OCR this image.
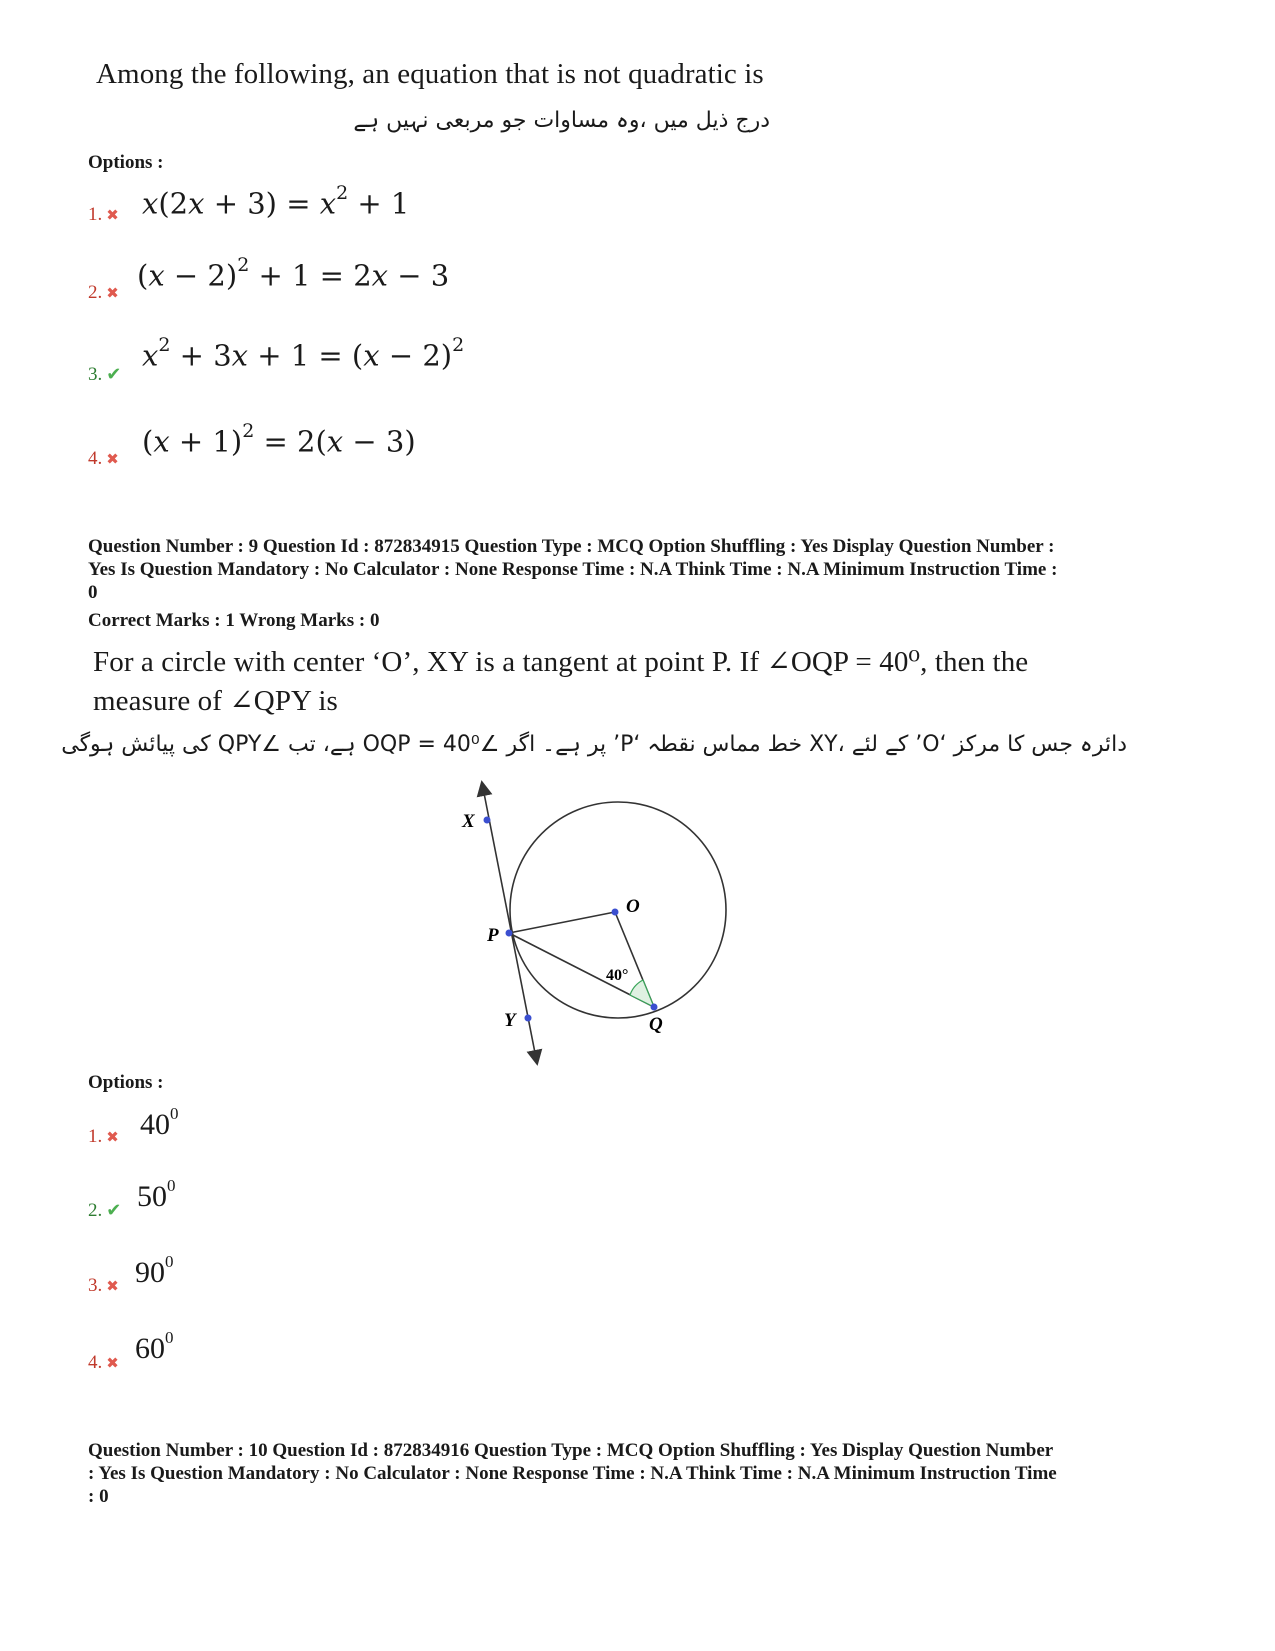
Among the following, an equation that is not quadratic is
درج ذیل میں ،وہ مساوات جو مربعی نہیں ہے
Options :
1. ✖ $x(2x + 3) = x^2 + 1$
2. ✖
$(x - 2)^2 + 1 = 2x - 3$
3. ✔
$x^2 + 3x + 1 = (x - 2)^2$
4. ✖
$(x + 1)^2 = 2(x - 3)$
Question Number : 9 Question Id : 872834915 Question Type : MCQ Option Shuffling : Yes Display Question Number :
Yes Is Question Mandatory : No Calculator : None Response Time : N.A Think Time : N.A Minimum Instruction Time :
0
Correct Marks : 1 Wrong Marks : 0
For a circle with center ‘O’, XY is a tangent at point P. If ∠OQP = 40⁰, then the
measure of ∠QPY is
دائرہ جس کا مرکز ‘O’ کے لئے ،XY خط مماس نقطہ ‘P’ پر ہے۔ اگر ∠OQP = 40⁰ ہے، تب ∠QPY کی پیائش ہوگی
X
P
Y
O
Q
40°
Options :
1. ✖ $40^0$
2. ✔ $50^0$
3. ✖ $90^0$
4. ✖ $60^0$
Question Number : 10 Question Id : 872834916 Question Type : MCQ Option Shuffling : Yes Display Question Number
: Yes Is Question Mandatory : No Calculator : None Response Time : N.A Think Time : N.A Minimum Instruction Time
: 0
